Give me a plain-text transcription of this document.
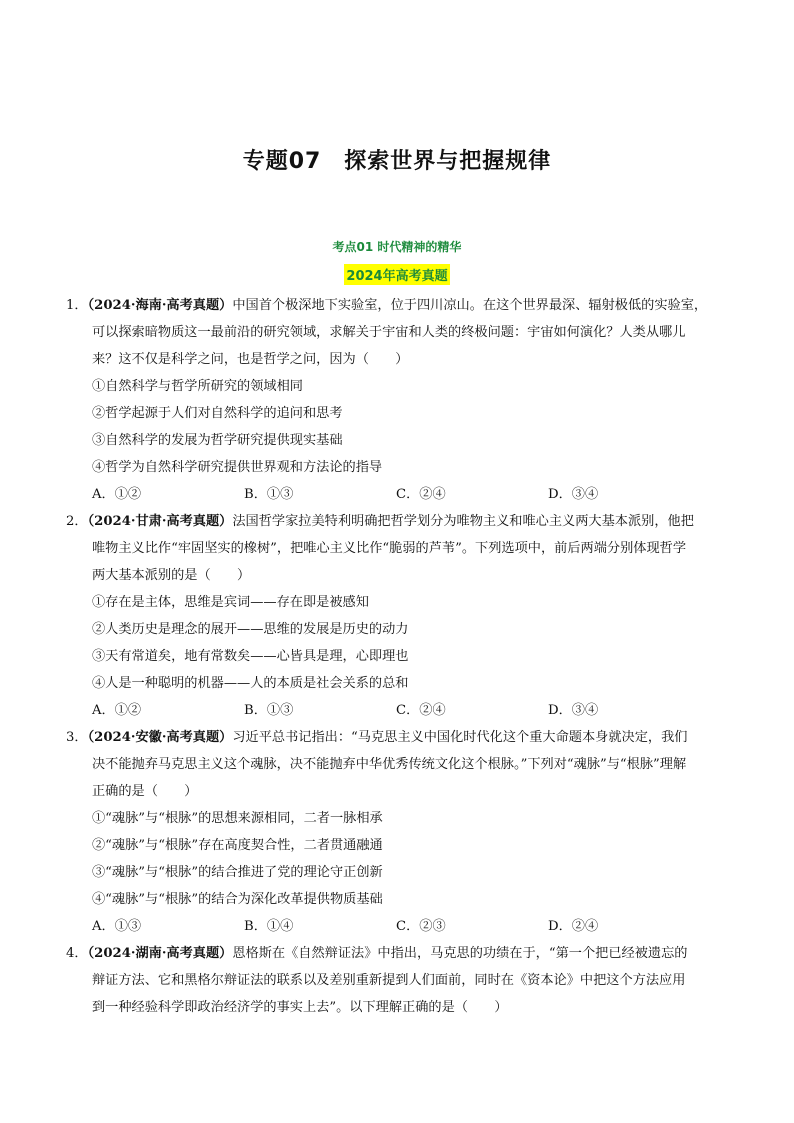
专题07　探索世界与把握规律
考点01 时代精神的精华
2024年高考真题
1．（2024·海南·高考真题）中国首个极深地下实验室，位于四川凉山。在这个世界最深、辐射极低的实验室，
可以探索暗物质这一最前沿的研究领域，求解关于宇宙和人类的终极问题：宇宙如何演化？人类从哪儿
来？这不仅是科学之问，也是哲学之问，因为（　　）
①自然科学与哲学所研究的领域相同
②哲学起源于人们对自然科学的追问和思考
③自然科学的发展为哲学研究提供现实基础
④哲学为自然科学研究提供世界观和方法论的指导
A．①②	B．①③	C．②④	D．③④
2．（2024·甘肃·高考真题）法国哲学家拉美特利明确把哲学划分为唯物主义和唯心主义两大基本派别，他把
唯物主义比作“牢固坚实的橡树”，把唯心主义比作“脆弱的芦苇”。下列选项中，前后两端分别体现哲学
两大基本派别的是（　　）
①存在是主体，思维是宾词——存在即是被感知
②人类历史是理念的展开——思维的发展是历史的动力
③天有常道矣，地有常数矣——心皆具是理，心即理也
④人是一种聪明的机器——人的本质是社会关系的总和
A．①②	B．①③	C．②④	D．③④
3．（2024·安徽·高考真题）习近平总书记指出：“马克思主义中国化时代化这个重大命题本身就决定，我们
决不能抛弃马克思主义这个魂脉，决不能抛弃中华优秀传统文化这个根脉。”下列对“魂脉”与“根脉”理解
正确的是（　　）
①“魂脉”与“根脉”的思想来源相同，二者一脉相承
②“魂脉”与“根脉”存在高度契合性，二者贯通融通
③“魂脉”与“根脉”的结合推进了党的理论守正创新
④“魂脉”与“根脉”的结合为深化改革提供物质基础
A．①③	B．①④	C．②③	D．②④
4．（2024·湖南·高考真题）恩格斯在《自然辩证法》中指出，马克思的功绩在于，“第一个把已经被遗忘的
辩证方法、它和黑格尔辩证法的联系以及差别重新提到人们面前，同时在《资本论》中把这个方法应用
到一种经验科学即政治经济学的事实上去”。以下理解正确的是（　　）
